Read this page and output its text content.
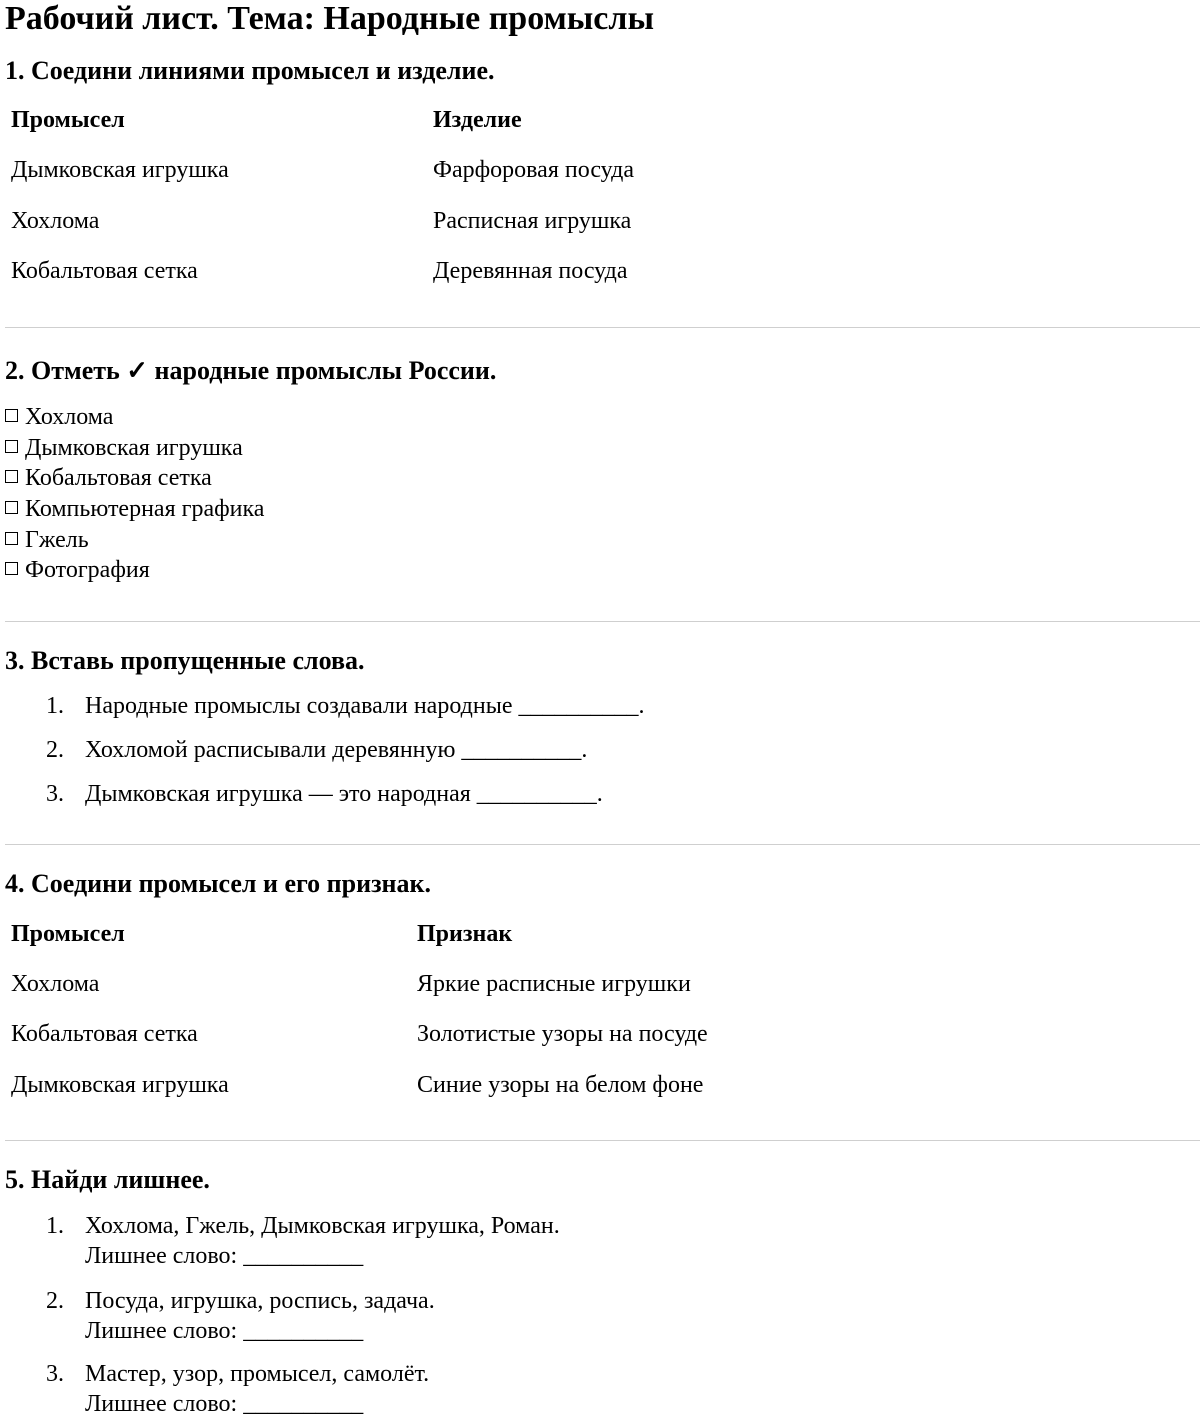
Рабочий лист. Тема: Народные промыслы
1. Соедини линиями промысел и изделие.
Промысел	Изделие
Дымковская игрушка	Фарфоровая посуда
Хохлома	Расписная игрушка
Кобальтовая сетка	Деревянная посуда
2. Отметь ✓ народные промыслы России.
Хохлома
Дымковская игрушка
Кобальтовая сетка
Компьютерная графика
Гжель
Фотография
3. Вставь пропущенные слова.
1. Народные промыслы создавали народные __________.
2. Хохломой расписывали деревянную __________.
3. Дымковская игрушка — это народная __________.
4. Соедини промысел и его признак.
Промысел	Признак
Хохлома	Яркие расписные игрушки
Кобальтовая сетка	Золотистые узоры на посуде
Дымковская игрушка	Синие узоры на белом фоне
5. Найди лишнее.
1. Хохлома, Гжель, Дымковская игрушка, Роман.
Лишнее слово: __________
2. Посуда, игрушка, роспись, задача.
Лишнее слово: __________
3. Мастер, узор, промысел, самолёт.
Лишнее слово: __________
